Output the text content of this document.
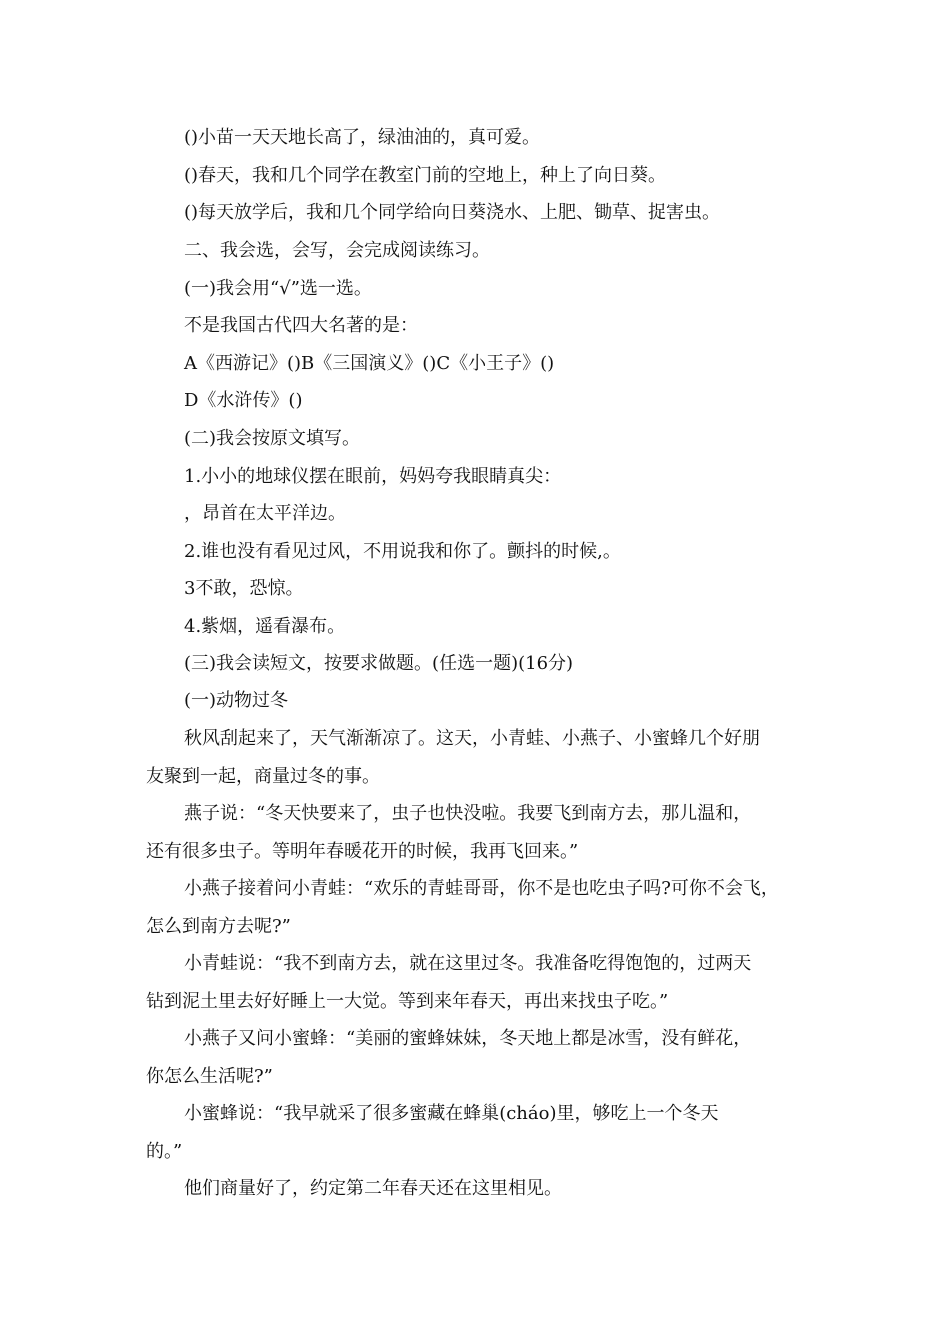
()小苗一天天地长高了，绿油油的，真可爱。
()春天，我和几个同学在教室门前的空地上，种上了向日葵。
()每天放学后，我和几个同学给向日葵浇水、上肥、锄草、捉害虫。
二、我会选，会写，会完成阅读练习。
(一)我会用“√”选一选。
不是我国古代四大名著的是：
A《西游记》()B《三国演义》()C《小王子》()
D《水浒传》()
(二)我会按原文填写。
1.小小的地球仪摆在眼前，妈妈夸我眼睛真尖：
，昂首在太平洋边。
2.谁也没有看见过风，不用说我和你了。颤抖的时候,。
3不敢，恐惊。
4.紫烟，遥看瀑布。
(三)我会读短文，按要求做题。(任选一题)(16分)
(一)动物过冬
秋风刮起来了，天气渐渐凉了。这天，小青蛙、小燕子、小蜜蜂几个好朋
友聚到一起，商量过冬的事。
燕子说：“冬天快要来了，虫子也快没啦。我要飞到南方去，那儿温和，
还有很多虫子。等明年春暖花开的时候，我再飞回来。”
小燕子接着问小青蛙：“欢乐的青蛙哥哥，你不是也吃虫子吗?可你不会飞，
怎么到南方去呢?”
小青蛙说：“我不到南方去，就在这里过冬。我准备吃得饱饱的，过两天
钻到泥土里去好好睡上一大觉。等到来年春天，再出来找虫子吃。”
小燕子又问小蜜蜂：“美丽的蜜蜂妹妹，冬天地上都是冰雪，没有鲜花，
你怎么生活呢?”
小蜜蜂说：“我早就采了很多蜜藏在蜂巢(cháo)里，够吃上一个冬天
的。”
他们商量好了，约定第二年春天还在这里相见。
